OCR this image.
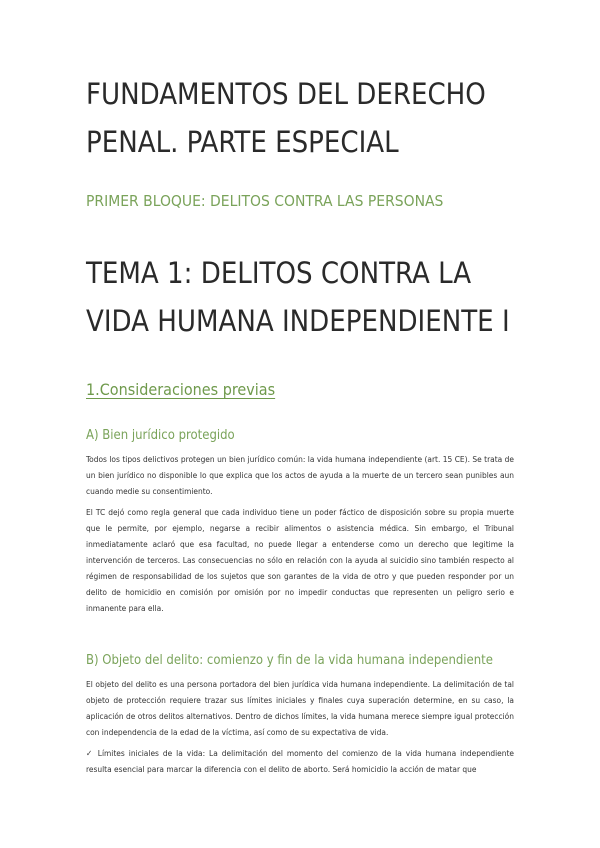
FUNDAMENTOS DEL DERECHO PENAL. PARTE ESPECIAL
PRIMER BLOQUE: DELITOS CONTRA LAS PERSONAS
TEMA 1: DELITOS CONTRA LA VIDA HUMANA INDEPENDIENTE I
1.Consideraciones previas
A) Bien jurídico protegido

Todos los tipos delictivos protegen un bien jurídico común: la vida humana independiente (art. 15 CE). Se trata de un bien jurídico no disponible lo que explica que los actos de ayuda a la muerte de un tercero sean punibles aun cuando medie su consentimiento.

El TC dejó como regla general que cada individuo tiene un poder fáctico de disposición sobre su propia muerte que le permite, por ejemplo, negarse a recibir alimentos o asistencia médica. Sin embargo, el Tribunal inmediatamente aclaró que esa facultad, no puede llegar a entenderse como un derecho que legitime la intervención de terceros. Las consecuencias no sólo en relación con la ayuda al suicidio sino también respecto al régimen de responsabilidad de los sujetos que son garantes de la vida de otro y que pueden responder por un delito de homicidio en comisión por omisión por no impedir conductas que representen un peligro serio e inmanente para ella.

B) Objeto del delito: comienzo y fin de la vida humana independiente

El objeto del delito es una persona portadora del bien jurídica vida humana independiente. La delimitación de tal objeto de protección requiere trazar sus límites iniciales y finales cuya superación determine, en su caso, la aplicación de otros delitos alternativos. Dentro de dichos límites, la vida humana merece siempre igual protección con independencia de la edad de la víctima, así como de su expectativa de vida.

✓ Límites iniciales de la vida: La delimitación del momento del comienzo de la vida humana independiente resulta esencial para marcar la diferencia con el delito de aborto. Será homicidio la acción de matar que
